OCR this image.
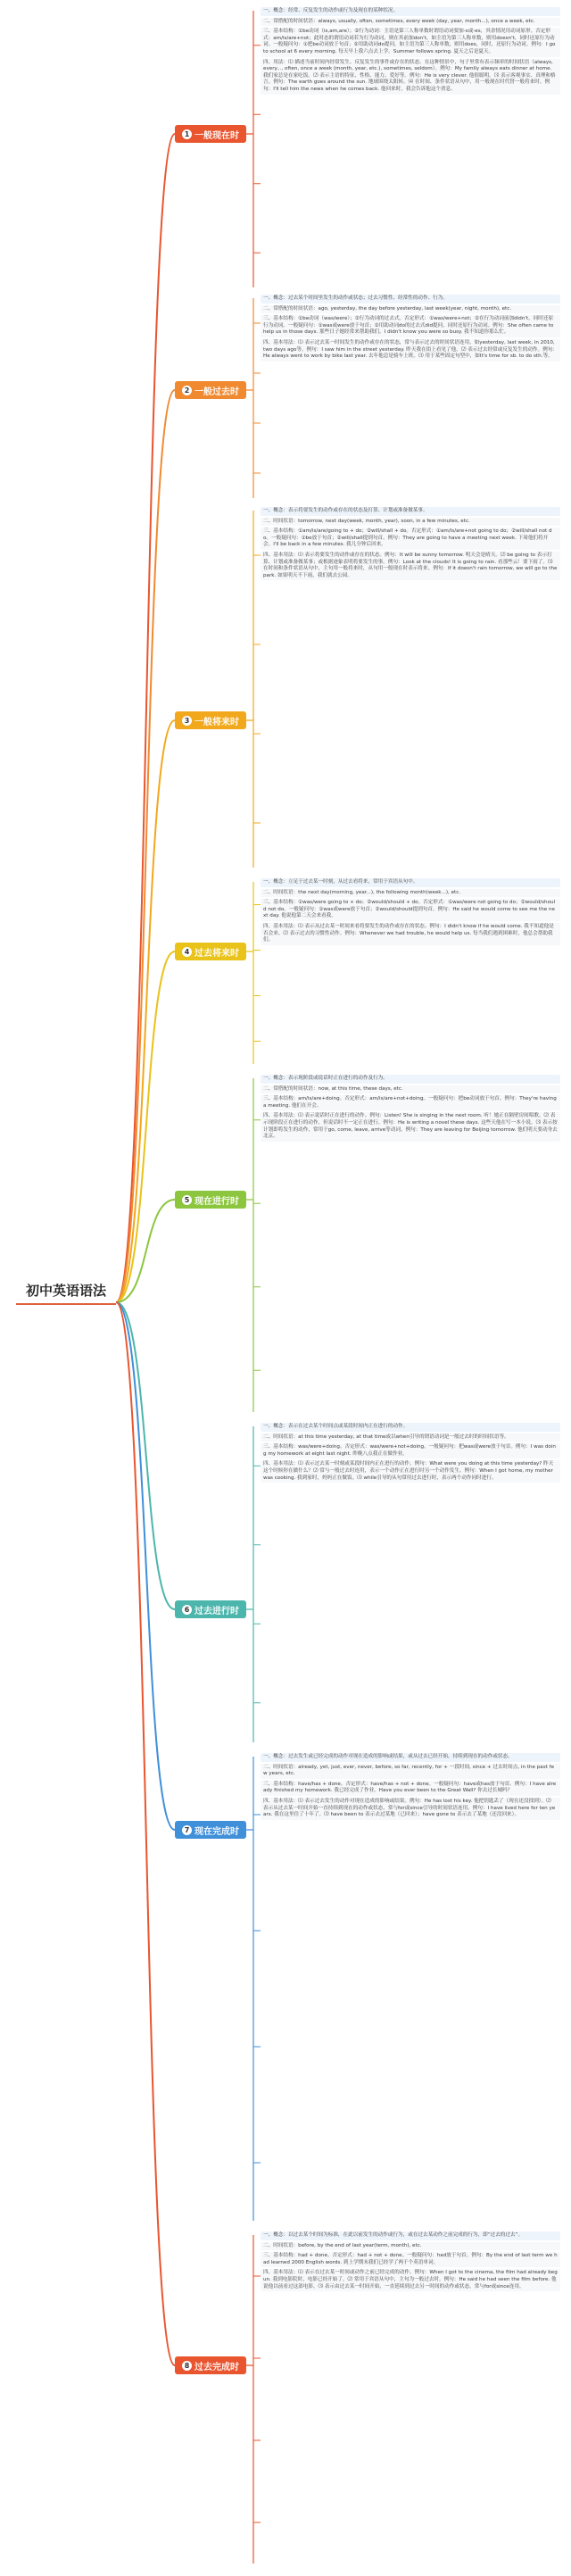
初中英语语法
1 一般现在时

一、概念：经常、反复发生的动作或行为及现在的某种状况。

二、常搭配的时间状语：always, usually, often, sometimes, every week (day, year, month...), once a week, etc.

三、基本结构：①be动词（is,am,are）；②行为动词：主语是第三人称单数时谓语动词要加-s或-es，其余情况用动词原形。否定形式：am/is/are+not；此时态的谓语动词若为行为动词，则在其前加don't，如主语为第三人称单数，则用doesn't，同时还原行为动词。一般疑问句：①把be动词放于句首；②用助动词do提问，如主语为第三人称单数，则用does，同时，还原行为动词。例句：I go to school at 6 every morning. 每天早上我六点去上学。Summer follows spring. 夏天之后是夏天。

四、用法：⑴ 描述当前时间内经常发生、反复发生的事件或存在的状态。在这种情景中，句子里常有表示频率的时间状语（always, every..., often, once a week (month, year, etc.), sometimes, seldom）。例句：My family always eats dinner at home. 我们家总是在家吃饭。⑵ 表示主语的特征、性格、能力、爱好等。例句：He is very clever. 他很聪明。⑶ 表示客观事实、真理和格言。例句：The earth goes around the sun. 地球围绕太阳转。⑷ 在时间、条件状语从句中，用一般现在时代替一般将来时。例句：I'll tell him the news when he comes back. 他回来时，我会告诉他这个消息。

2 一般过去时

一、概念：过去某个时间里发生的动作或状态；过去习惯性、经常性的动作、行为。

二、常搭配的时间状语：ago, yesterday, the day before yesterday, last week(year, night, month), etc.

三、基本结构：①be动词（was/were）；②行为动词的过去式。否定形式：①was/were+not；②在行为动词前加didn't，同时还原行为动词。一般疑问句：①was或were放于句首；②用助动词do的过去式did提问，同时还原行为动词。例句：She often came to help us in those days. 那些日子她经常来帮助我们。I didn't know you were so busy. 我不知道你那么忙。

四、基本用法：⑴ 表示过去某一时间发生的动作或存在的状态，常与表示过去的时间状语连用，如yesterday, last week, in 2010, two days ago等。例句：I saw him in the street yesterday. 昨天我在街上看见了他。⑵ 表示过去经常或反复发生的动作。例句：He always went to work by bike last year. 去年他总是骑车上班。⑶ 用于某些固定句型中，如It's time for sb. to do sth.等。

3 一般将来时

一、概念：表示将要发生的动作或存在的状态及打算、计划或准备做某事。

二、时间状语：tomorrow, next day(week, month, year), soon, in a few minutes, etc.

三、基本结构：①am/is/are/going to + do；②will/shall + do。否定形式：①am/is/are+not going to do；②will/shall not do。一般疑问句：①be放于句首；②will/shall提到句首。例句：They are going to have a meeting next week. 下周他们将开会。I'll be back in a few minutes. 我几分钟后回来。

四、基本用法：⑴ 表示将要发生的动作或存在的状态。例句：It will be sunny tomorrow. 明天会是晴天。⑵ be going to 表示打算、计划或准备做某事；或根据迹象表明将要发生的事。例句：Look at the clouds! It is going to rain. 看那些云！要下雨了。⑶ 在时间和条件状语从句中，主句用一般将来时，从句用一般现在时表示将来。例句：If it doesn't rain tomorrow, we will go to the park. 如果明天不下雨，我们就去公园。

4 过去将来时

一、概念：立足于过去某一时刻，从过去看将来，常用于宾语从句中。

二、时间状语：the next day(morning, year...), the following month(week...), etc.

三、基本结构：①was/were going to + do；②would/should + do。否定形式：①was/were not going to do；②would/should not do。一般疑问句：①was或were放于句首；②would/should提到句首。例句：He said he would come to see me the next day. 他说他第二天会来看我。

四、基本用法：⑴ 表示从过去某一时间来看将要发生的动作或存在的状态。例句：I didn't know if he would come. 我不知道他是否会来。⑵ 表示过去的习惯性动作。例句：Whenever we had trouble, he would help us. 每当我们遇到困难时，他总会帮助我们。

5 现在进行时

一、概念：表示现阶段或说话时正在进行的动作及行为。

二、常搭配的时间状语：now, at this time, these days, etc.

三、基本结构：am/is/are+doing。否定形式：am/is/are+not+doing。一般疑问句：把be动词放于句首。例句：They're having a meeting. 他们在开会。

四、基本用法：⑴ 表示说话时正在进行的动作。例句：Listen! She is singing in the next room. 听！她正在隔壁房间唱歌。⑵ 表示现阶段正在进行的动作，但说话时不一定正在进行。例句：He is writing a novel these days. 这些天他在写一本小说。⑶ 表示按计划即将发生的动作，常用于go, come, leave, arrive等动词。例句：They are leaving for Beijing tomorrow. 他们明天要动身去北京。

6 过去进行时

一、概念：表示在过去某个时间点或某段时间内正在进行的动作。

二、时间状语：at this time yesterday, at that time或以when引导的谓语动词是一般过去时的时间状语等。

三、基本结构：was/were+doing。否定形式：was/were+not+doing。一般疑问句：把was或were放于句首。例句：I was doing my homework at eight last night. 昨晚八点我正在做作业。

四、基本用法：⑴ 表示过去某一时刻或某段时间内正在进行的动作。例句：What were you doing at this time yesterday? 昨天这个时候你在做什么？⑵ 常与一般过去时连用，表示一个动作正在进行时另一个动作发生。例句：When I got home, my mother was cooking. 我到家时，妈妈正在做饭。⑶ while引导的从句常用过去进行时，表示两个动作同时进行。

7 现在完成时

一、概念：过去发生或已经完成的动作对现在造成的影响或结果，或从过去已经开始，持续到现在的动作或状态。

二、时间状语：already, yet, just, ever, never, before, so far, recently, for + 一段时间, since + 过去时间点, in the past few years, etc.

三、基本结构：have/has + done。否定形式：have/has + not + done。一般疑问句：have或has放于句首。例句：I have already finished my homework. 我已经完成了作业。Have you ever been to the Great Wall? 你去过长城吗？

四、基本用法：⑴ 表示过去发生的动作对现在造成的影响或结果。例句：He has lost his key. 他把钥匙丢了（现在还没找到）。⑵ 表示从过去某一时间开始一直持续到现在的动作或状态，常与for或since引导的时间状语连用。例句：I have lived here for ten years. 我在这里住了十年了。⑶ have been to 表示去过某地（已回来）；have gone to 表示去了某地（还没回来）。

8 过去完成时

一、概念：以过去某个时间为标准，在此以前发生的动作或行为，或在过去某动作之前完成的行为，即“过去的过去”。

二、时间状语：before, by the end of last year(term, month), etc.

三、基本结构：had + done。否定形式：had + not + done。一般疑问句：had放于句首。例句：By the end of last term we had learned 2000 English words. 到上学期末我们已经学了两千个英语单词。

四、基本用法：⑴ 表示在过去某一时间或动作之前已经完成的动作。例句：When I got to the cinema, the film had already begun. 我到电影院时，电影已经开始了。⑵ 常用于宾语从句中，主句为一般过去时。例句：He said he had seen the film before. 他说他以前看过这部电影。⑶ 表示由过去某一时间开始，一直延续到过去另一时间的动作或状态，常与for或since连用。
